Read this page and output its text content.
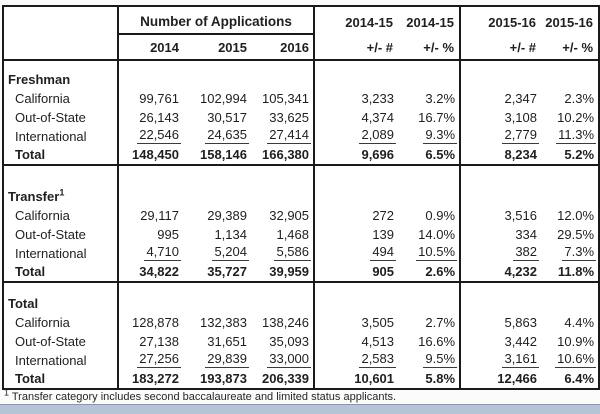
	Number of Applications			2014-15	2014-15	2015-16	2015-16
	2014	2015	2016	+/- #	+/- %	+/- #	+/- %
Freshman							
California	99,761	102,994	105,341	3,233	3.2%	2,347	2.3%
Out-of-State	26,143	30,517	33,625	4,374	16.7%	3,108	10.2%
International	22,546	24,635	27,414	2,089	9.3%	2,779	11.3%
Total	148,450	158,146	166,380	9,696	6.5%	8,234	5.2%
Transfer$^1$							
California	29,117	29,389	32,905	272	0.9%	3,516	12.0%
Out-of-State	995	1,134	1,468	139	14.0%	334	29.5%
International	4,710	5,204	5,586	494	10.5%	382	7.3%
Total	34,822	35,727	39,959	905	2.6%	4,232	11.8%
Total							
California	128,878	132,383	138,246	3,505	2.7%	5,863	4.4%
Out-of-State	27,138	31,651	35,093	4,513	16.6%	3,442	10.9%
International	27,256	29,839	33,000	2,583	9.5%	3,161	10.6%
Total	183,272	193,873	206,339	10,601	5.8%	12,466	6.4%
$^1$ Transfer category includes second baccalaureate and limited status applicants.
